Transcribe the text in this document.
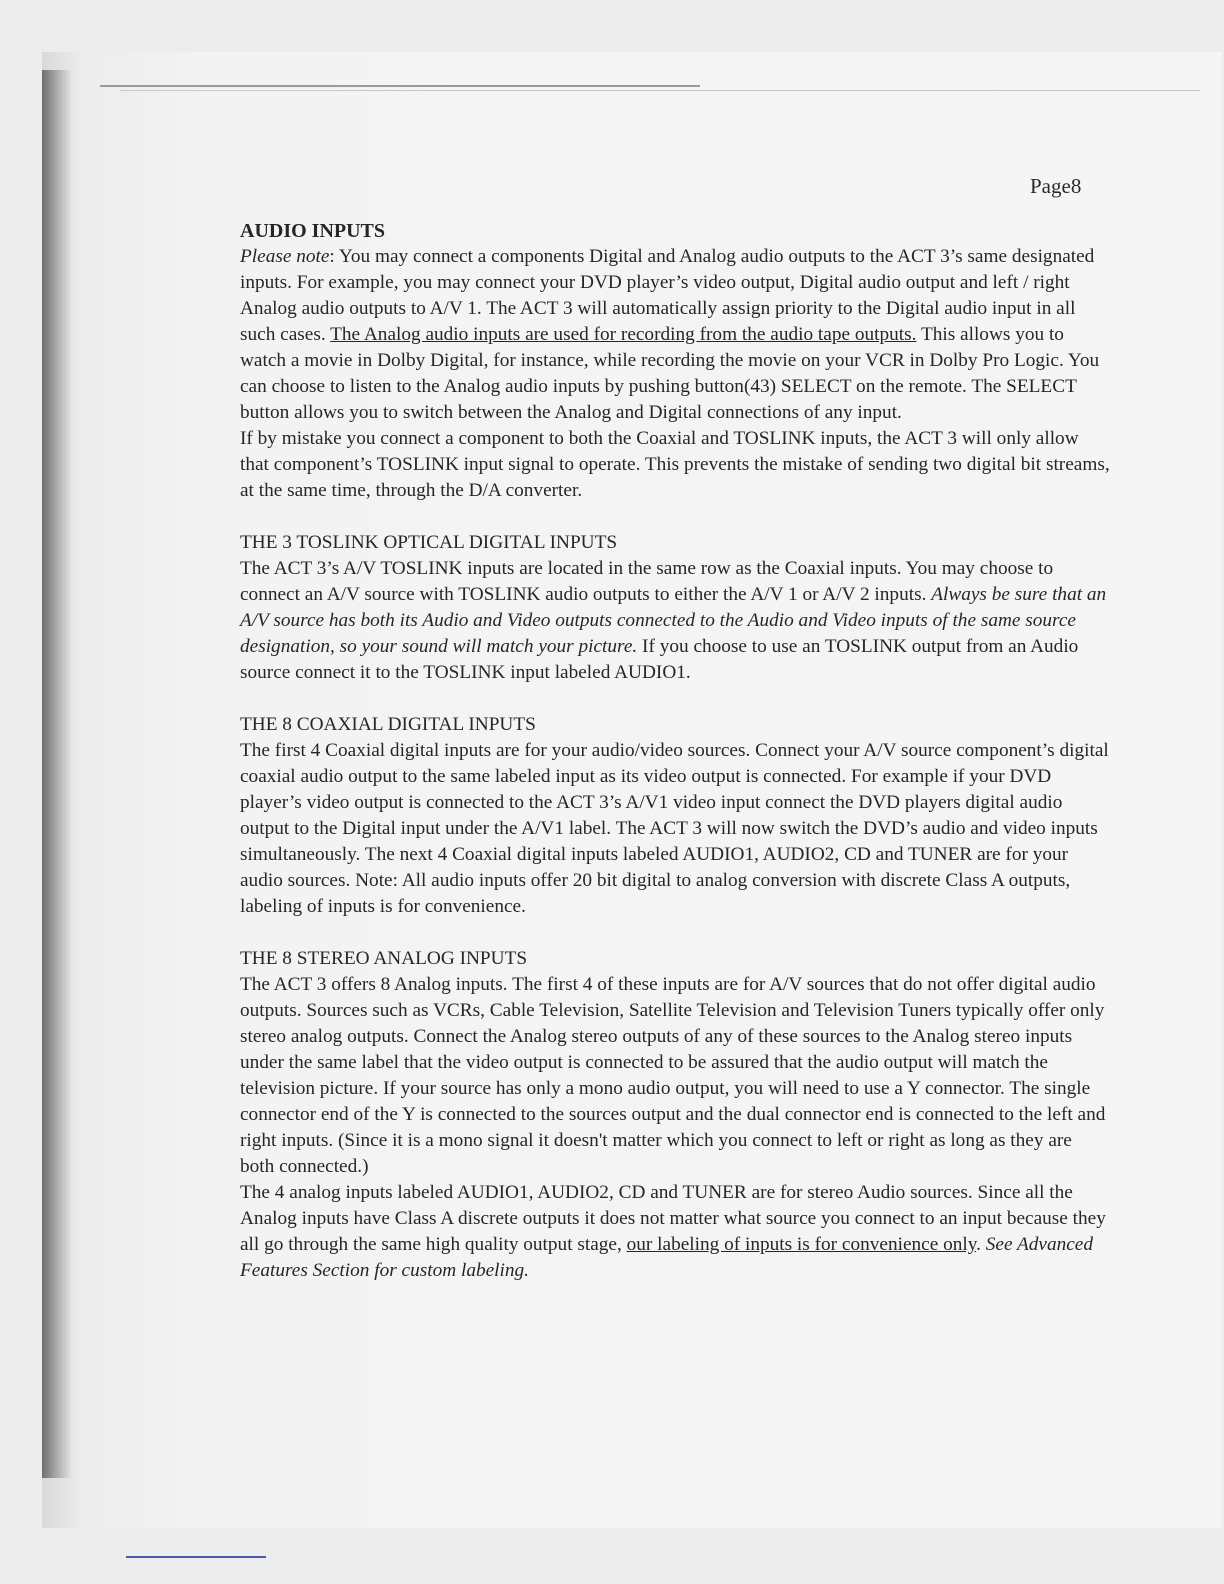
Page8
AUDIO INPUTS

Please note: You may connect a components Digital and Analog audio outputs to the ACT 3’s same designated inputs. For example, you may connect your DVD player’s video output, Digital audio output and left / right Analog audio outputs to A/V 1. The ACT 3 will automatically assign priority to the Digital audio input in all such cases. The Analog audio inputs are used for recording from the audio tape outputs. This allows you to watch a movie in Dolby Digital, for instance, while recording the movie on your VCR in Dolby Pro Logic. You can choose to listen to the Analog audio inputs by pushing button(43) SELECT on the remote. The SELECT button allows you to switch between the Analog and Digital connections of any input.

If by mistake you connect a component to both the Coaxial and TOSLINK inputs, the ACT 3 will only allow that component’s TOSLINK input signal to operate. This prevents the mistake of sending two digital bit streams, at the same time, through the D/A converter.

THE 3 TOSLINK OPTICAL DIGITAL INPUTS

The ACT 3’s A/V TOSLINK inputs are located in the same row as the Coaxial inputs. You may choose to connect an A/V source with TOSLINK audio outputs to either the A/V 1 or A/V 2 inputs. Always be sure that an A/V source has both its Audio and Video outputs connected to the Audio and Video inputs of the same source designation, so your sound will match your picture. If you choose to use an TOSLINK output from an Audio source connect it to the TOSLINK input labeled AUDIO1.

THE 8 COAXIAL DIGITAL INPUTS

The first 4 Coaxial digital inputs are for your audio/video sources. Connect your A/V source component’s digital coaxial audio output to the same labeled input as its video output is connected. For example if your DVD player’s video output is connected to the ACT 3’s A/V1 video input connect the DVD players digital audio output to the Digital input under the A/V1 label. The ACT 3 will now switch the DVD’s audio and video inputs simultaneously. The next 4 Coaxial digital inputs labeled AUDIO1, AUDIO2, CD and TUNER are for your audio sources. Note: All audio inputs offer 20 bit digital to analog conversion with discrete Class A outputs, labeling of inputs is for convenience.

THE 8 STEREO ANALOG INPUTS

The ACT 3 offers 8 Analog inputs. The first 4 of these inputs are for A/V sources that do not offer digital audio outputs. Sources such as VCRs, Cable Television, Satellite Television and Television Tuners typically offer only stereo analog outputs. Connect the Analog stereo outputs of any of these sources to the Analog stereo inputs under the same label that the video output is connected to be assured that the audio output will match the television picture. If your source has only a mono audio output, you will need to use a Y connector. The single connector end of the Y is connected to the sources output and the dual connector end is connected to the left and right inputs. (Since it is a mono signal it doesn't matter which you connect to left or right as long as they are both connected.)

The 4 analog inputs labeled AUDIO1, AUDIO2, CD and TUNER are for stereo Audio sources. Since all the Analog inputs have Class A discrete outputs it does not matter what source you connect to an input because they all go through the same high quality output stage, our labeling of inputs is for convenience only. See Advanced Features Section for custom labeling.
